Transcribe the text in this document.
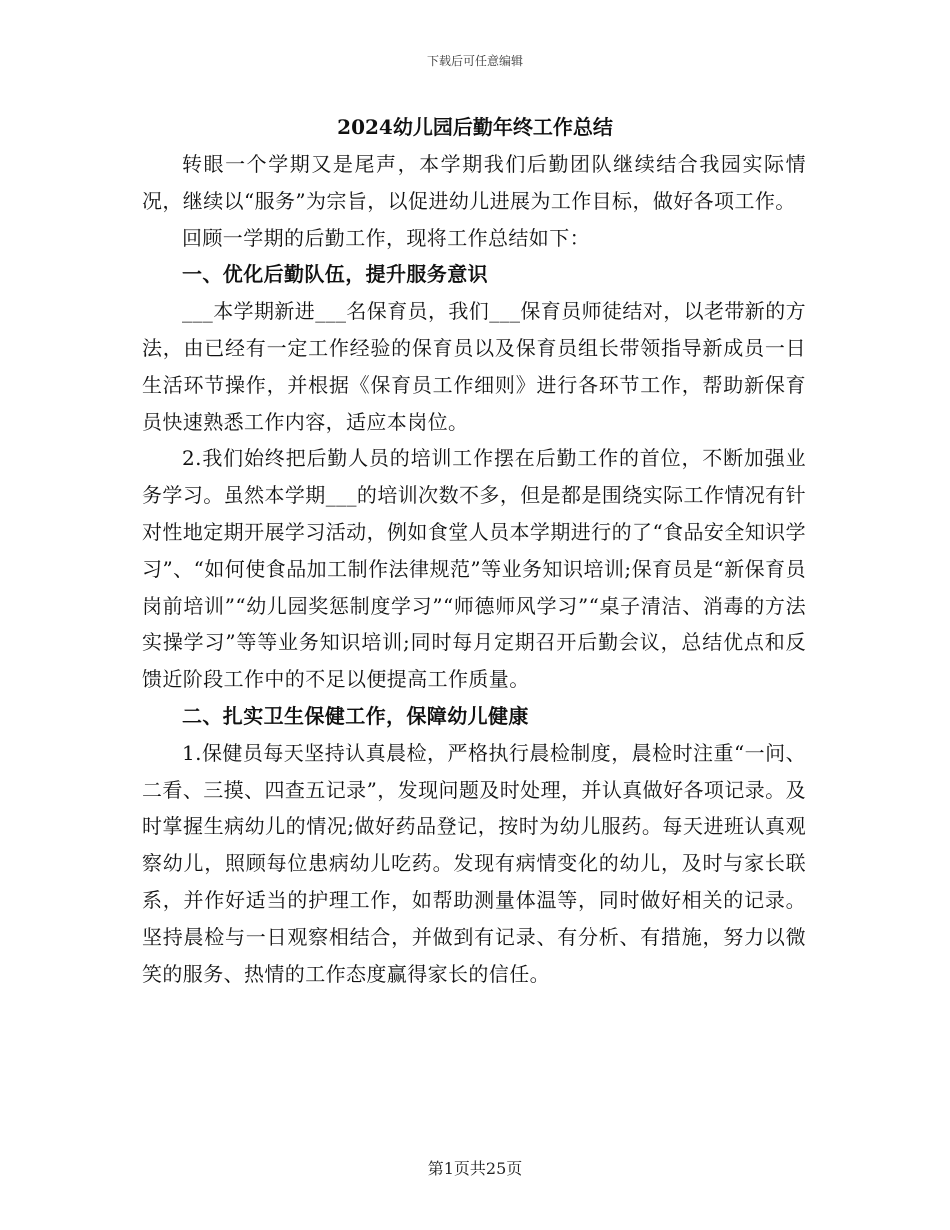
下载后可任意编辑
2024幼儿园后勤年终工作总结

转眼一个学期又是尾声，本学期我们后勤团队继续结合我园实际情况，继续以“服务”为宗旨，以促进幼儿进展为工作目标，做好各项工作。

回顾一学期的后勤工作，现将工作总结如下：

一、优化后勤队伍，提升服务意识

___本学期新进___名保育员，我们___保育员师徒结对，以老带新的方法，由已经有一定工作经验的保育员以及保育员组长带领指导新成员一日生活环节操作，并根据《保育员工作细则》进行各环节工作，帮助新保育员快速熟悉工作内容，适应本岗位。

2.我们始终把后勤人员的培训工作摆在后勤工作的首位，不断加强业务学习。虽然本学期___的培训次数不多，但是都是围绕实际工作情况有针对性地定期开展学习活动，例如食堂人员本学期进行的了“食品安全知识学习”、“如何使食品加工制作法律规范”等业务知识培训;保育员是“新保育员岗前培训”“幼儿园奖惩制度学习”“师德师风学习”“桌子清洁、消毒的方法实操学习”等等业务知识培训;同时每月定期召开后勤会议，总结优点和反馈近阶段工作中的不足以便提高工作质量。

二、扎实卫生保健工作，保障幼儿健康

1.保健员每天坚持认真晨检，严格执行晨检制度，晨检时注重“一问、二看、三摸、四查五记录”，发现问题及时处理，并认真做好各项记录。及时掌握生病幼儿的情况;做好药品登记，按时为幼儿服药。每天进班认真观察幼儿，照顾每位患病幼儿吃药。发现有病情变化的幼儿，及时与家长联系，并作好适当的护理工作，如帮助测量体温等，同时做好相关的记录。坚持晨检与一日观察相结合，并做到有记录、有分析、有措施，努力以微笑的服务、热情的工作态度赢得家长的信任。

第1页共25页
